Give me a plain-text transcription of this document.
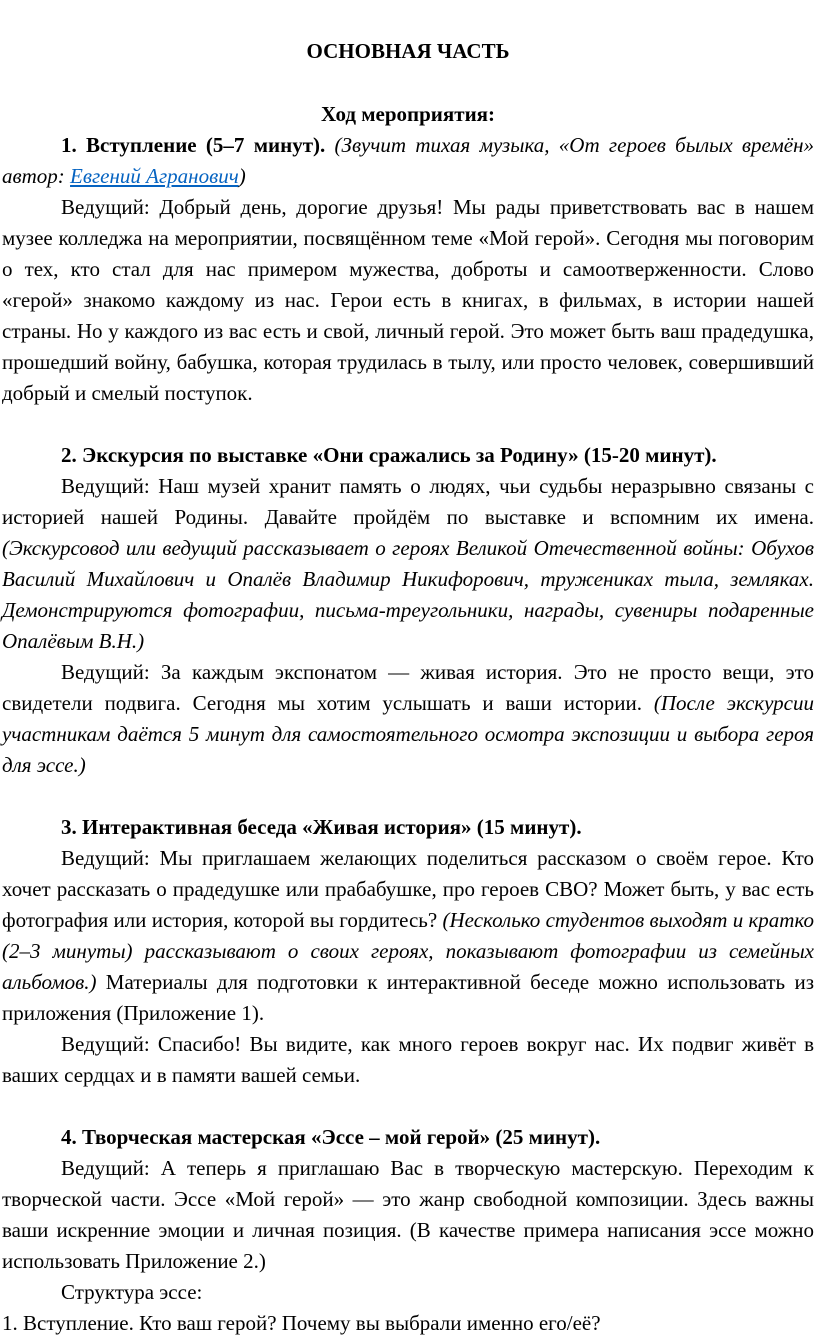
ОСНОВНАЯ ЧАСТЬ

Ход мероприятия:

1. Вступление (5–7 минут). (Звучит тихая музыка, «От героев былых времён» автор: Евгений Агранович)

Ведущий: Добрый день, дорогие друзья! Мы рады приветствовать вас в нашем музее колледжа на мероприятии, посвящённом теме «Мой герой». Сегодня мы поговорим о тех, кто стал для нас примером мужества, доброты и самоотверженности. Слово «герой» знакомо каждому из нас. Герои есть в книгах, в фильмах, в истории нашей страны. Но у каждого из вас есть и свой, личный герой. Это может быть ваш прадедушка, прошедший войну, бабушка, которая трудилась в тылу, или просто человек, совершивший добрый и смелый поступок.

2. Экскурсия по выставке «Они сражались за Родину» (15-20 минут).

Ведущий: Наш музей хранит память о людях, чьи судьбы неразрывно связаны с историей нашей Родины. Давайте пройдём по выставке и вспомним их имена. (Экскурсовод или ведущий рассказывает о героях Великой Отечественной войны: Обухов Василий Михайлович и Опалёв Владимир Никифорович, тружениках тыла, земляках. Демонстрируются фотографии, письма-треугольники, награды, сувениры подаренные Опалёвым В.Н.)

Ведущий: За каждым экспонатом — живая история. Это не просто вещи, это свидетели подвига. Сегодня мы хотим услышать и ваши истории. (После экскурсии участникам даётся 5 минут для самостоятельного осмотра экспозиции и выбора героя для эссе.)

3. Интерактивная беседа «Живая история» (15 минут).

Ведущий: Мы приглашаем желающих поделиться рассказом о своём герое. Кто хочет рассказать о прадедушке или прабабушке, про героев СВО? Может быть, у вас есть фотография или история, которой вы гордитесь? (Несколько студентов выходят и кратко (2–3 минуты) рассказывают о своих героях, показывают фотографии из семейных альбомов.) Материалы для подготовки к интерактивной беседе можно использовать из приложения (Приложение 1).

Ведущий: Спасибо! Вы видите, как много героев вокруг нас. Их подвиг живёт в ваших сердцах и в памяти вашей семьи.

4. Творческая мастерская «Эссе – мой герой» (25 минут).

Ведущий: А теперь я приглашаю Вас в творческую мастерскую. Переходим к творческой части. Эссе «Мой герой» — это жанр свободной композиции. Здесь важны ваши искренние эмоции и личная позиция. (В качестве примера написания эссе можно использовать Приложение 2.)

Структура эссе:

1. Вступление. Кто ваш герой? Почему вы выбрали именно его/её?
